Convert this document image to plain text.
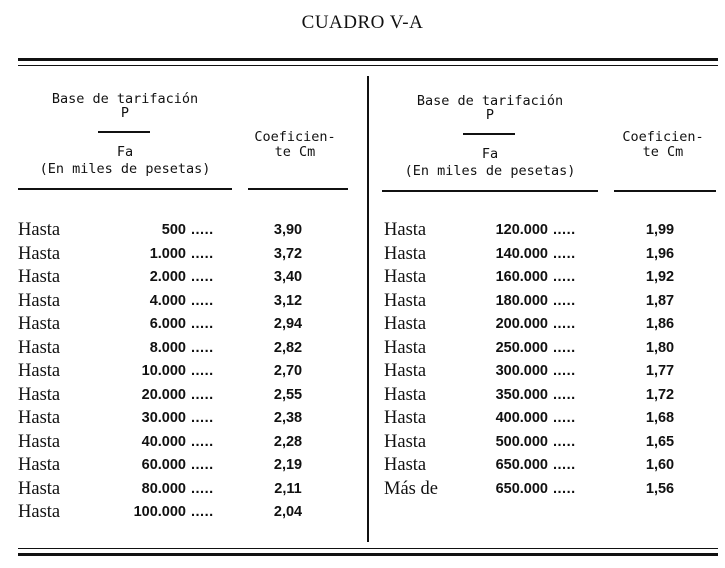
CUADRO V-A
Base de tarifación
P
Fa
(En miles de pesetas)
Coeficien-
te Cm
Base de tarifación
P
Fa
(En miles de pesetas)
Coeficien-
te Cm
Hasta	500 .....	3,90
Hasta	1.000 .....	3,72
Hasta	2.000 .....	3,40
Hasta	4.000 .....	3,12
Hasta	6.000 .....	2,94
Hasta	8.000 .....	2,82
Hasta	10.000 .....	2,70
Hasta	20.000 .....	2,55
Hasta	30.000 .....	2,38
Hasta	40.000 .....	2,28
Hasta	60.000 .....	2,19
Hasta	80.000 .....	2,11
Hasta	100.000 .....	2,04
Hasta	120.000 .....	1,99
Hasta	140.000 .....	1,96
Hasta	160.000 .....	1,92
Hasta	180.000 .....	1,87
Hasta	200.000 .....	1,86
Hasta	250.000 .....	1,80
Hasta	300.000 .....	1,77
Hasta	350.000 .....	1,72
Hasta	400.000 .....	1,68
Hasta	500.000 .....	1,65
Hasta	650.000 .....	1,60
Más de	650.000 .....	1,56
